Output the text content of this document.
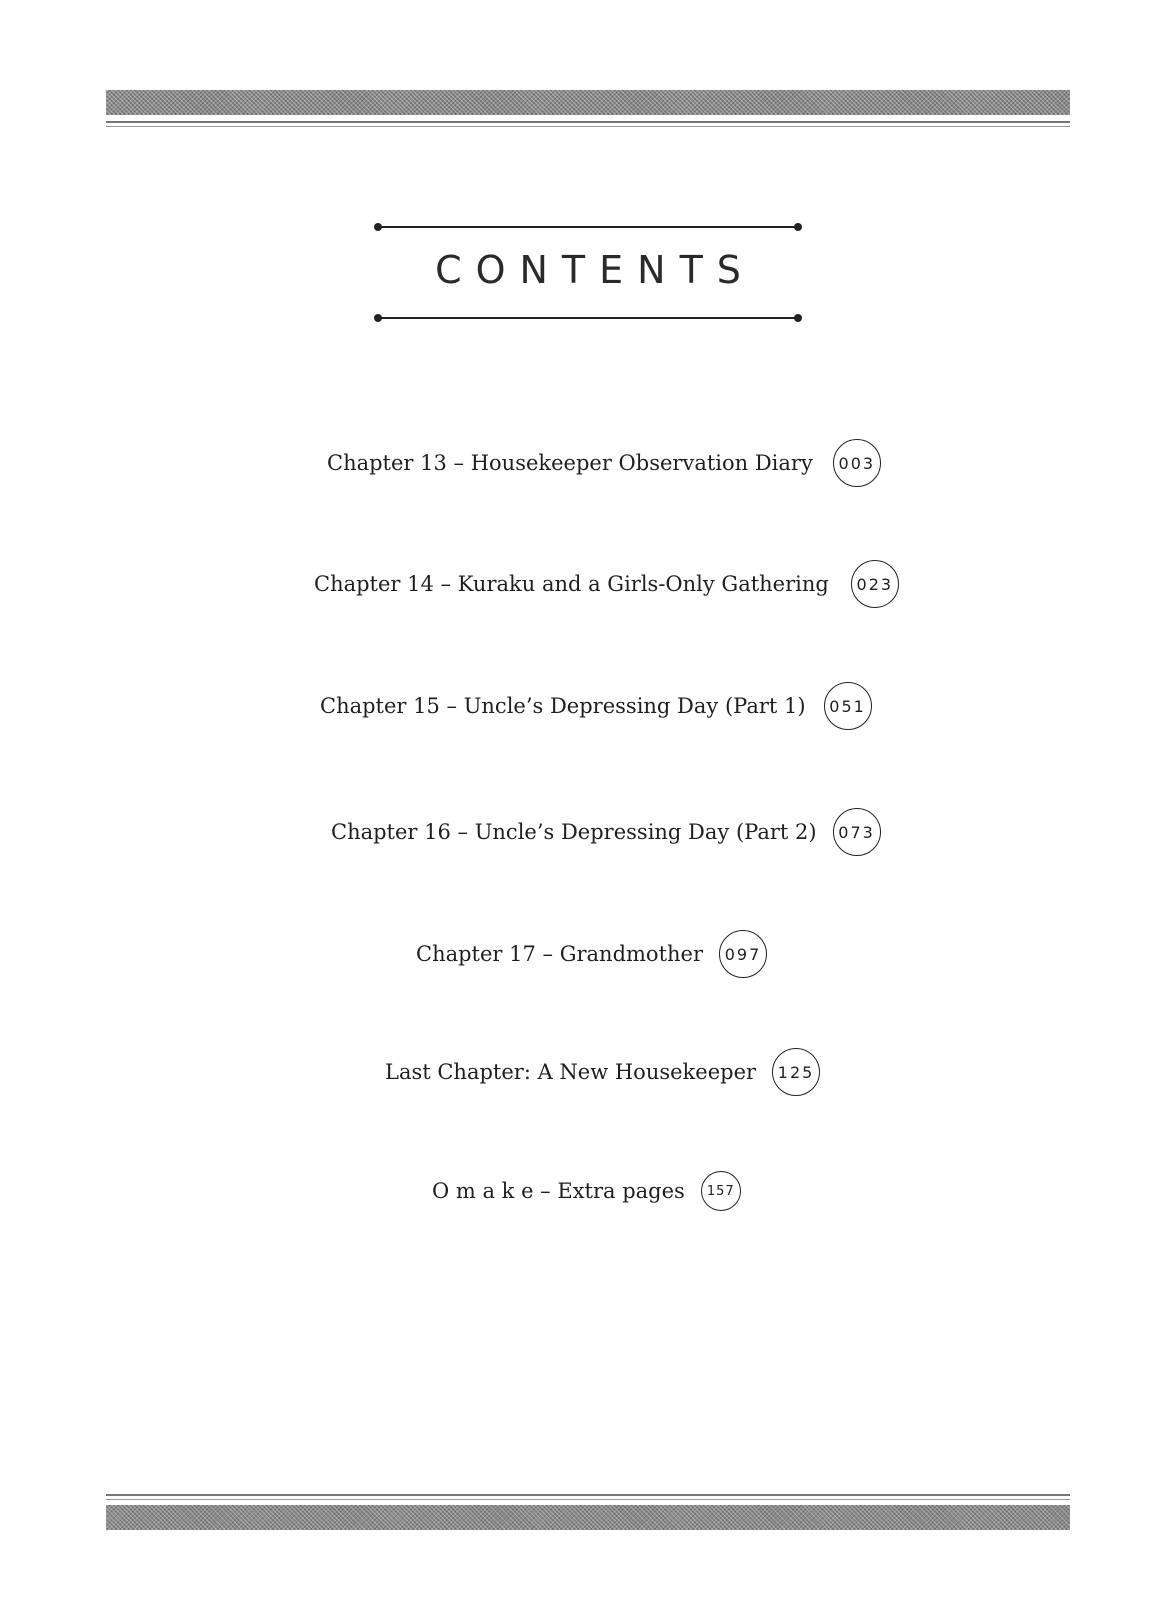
CONTENTS
Chapter 13 – Housekeeper Observation Diary	003
Chapter 14 – Kuraku and a Girls-Only Gathering	023
Chapter 15 – Uncle’s Depressing Day (Part 1)	051
Chapter 16 – Uncle’s Depressing Day (Part 2)	073
Chapter 17 – Grandmother	097
Last Chapter: A New Housekeeper	125
O m a k e – Extra pages	157
